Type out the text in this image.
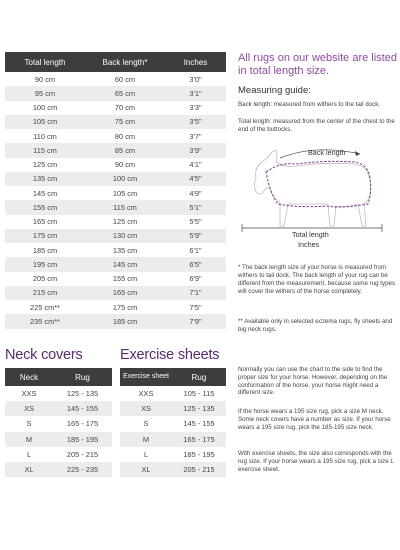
Total length	Back length*	Inches
90 cm	60 cm	3'0"
95 cm	65 cm	3'1"
100 cm	70 cm	3'3"
105 cm	75 cm	3'5"
110 cm	80 cm	3'7"
115 cm	85 cm	3'9"
125 cm	90 cm	4'1"
135 cm	100 cm	4'5"
145 cm	105 cm	4'9"
155 cm	115 cm	5'1"
165 cm	125 cm	5'5"
175 cm	130 cm	5'9"
185 cm	135 cm	6'1"
195 cm	145 cm	6'5"
205 cm	155 cm	6'9"
215 cm	165 cm	7'1"
225 cm**	175 cm	7'5"
235 cm**	185 cm	7'9"
All rugs on our website are listed in total length size.
Measuring guide:
Back length: measured from withers to the tail dock.
Total length: measured from the center of the chest to the end of the buttocks.
Back length
Total length
Inches
* The back length size of your horse is measured from withers to tail dock. The back length of your rug can be different from the measurement, because some rug types will cover the withers of the horse completely.
** Available only in selected eczema rugs, fly sheets and big neck rugs.
Neck covers
Neck	Rug
XXS	125 - 135
XS	145 - 155
S	165 - 175
M	185 - 195
L	205 - 215
XL	225 - 235
Exercise sheets
Exercise sheet	Rug
XXS	105 - 115
XS	125 - 135
S	145 - 155
M	165 - 175
L	185 - 195
XL	205 - 215
Normally you can use the chart to the side to find the proper size for your horse. However, depending on the conformation of the horse, your horse might need a different size.
If the horse wears a 195 size rug, pick a size M neck. Some neck covers have a number as size. If your horse wears a 195 size rug, pick the 185-195 size neck.
With exercise sheets, the size also corresponds with the rug size. If your horse wears a 195 size rug, pick a size L exercise sheet.
